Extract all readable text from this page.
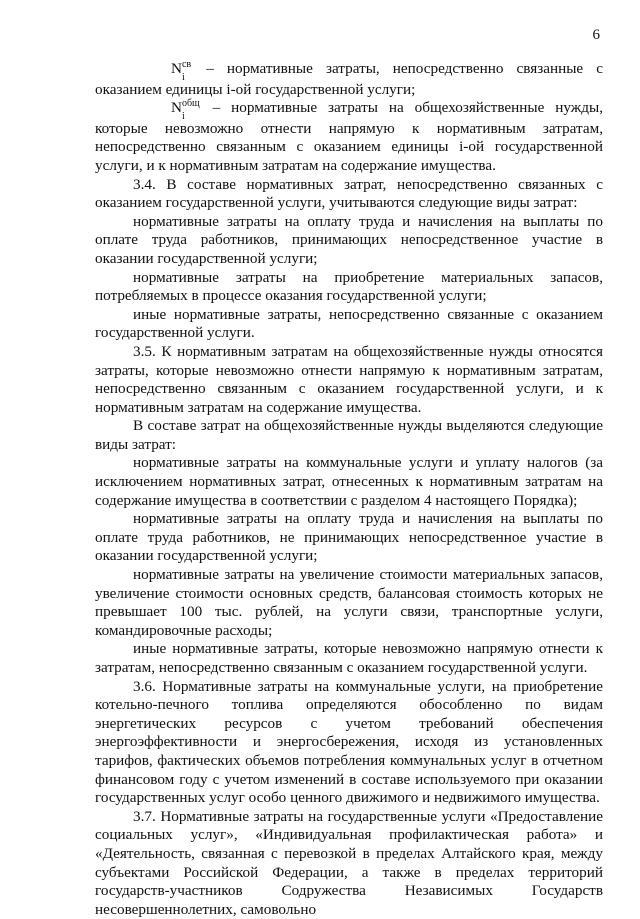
6

$N^{св}$
i
– нормативные затраты, непосредственно связанные с оказанием единицы i-ой государственной услуги;

$N^{общ}$
i
– нормативные затраты на общехозяйственные нужды, которые невозможно отнести напрямую к нормативным затратам, непосредственно связанным с оказанием единицы i-ой государственной услуги, и к нормативным затратам на содержание имущества.

3.4. В составе нормативных затрат, непосредственно связанных с оказанием государственной услуги, учитываются следующие виды затрат:

нормативные затраты на оплату труда и начисления на выплаты по оплате труда работников, принимающих непосредственное участие в оказании государственной услуги;

нормативные затраты на приобретение материальных запасов, потребляемых в процессе оказания государственной услуги;

иные нормативные затраты, непосредственно связанные с оказанием государственной услуги.

3.5. К нормативным затратам на общехозяйственные нужды относятся затраты, которые невозможно отнести напрямую к нормативным затратам, непосредственно связанным с оказанием государственной услуги, и к нормативным затратам на содержание имущества.

В составе затрат на общехозяйственные нужды выделяются следующие виды затрат:

нормативные затраты на коммунальные услуги и уплату налогов (за исключением нормативных затрат, отнесенных к нормативным затратам на содержание имущества в соответствии с разделом 4 настоящего Порядка);

нормативные затраты на оплату труда и начисления на выплаты по оплате труда работников, не принимающих непосредственное участие в оказании государственной услуги;

нормативные затраты на увеличение стоимости материальных запасов, увеличение стоимости основных средств, балансовая стоимость которых не превышает 100 тыс. рублей, на услуги связи, транспортные услуги, командировочные расходы;

иные нормативные затраты, которые невозможно напрямую отнести к затратам, непосредственно связанным с оказанием государственной услуги.

3.6. Нормативные затраты на коммунальные услуги, на приобретение котельно-печного топлива определяются обособленно по видам энергетических ресурсов с учетом требований обеспечения энергоэффективности и энергосбережения, исходя из установленных тарифов, фактических объемов потребления коммунальных услуг в отчетном финансовом году с учетом изменений в составе используемого при оказании государственных услуг особо ценного движимого и недвижимого имущества.

3.7. Нормативные затраты на государственные услуги «Предоставление социальных услуг», «Индивидуальная профилактическая работа» и «Деятельность, связанная с перевозкой в пределах Алтайского края, между субъектами Российской Федерации, а также в пределах территорий государств-участников Содружества Независимых Государств несовершеннолетних, самовольно
